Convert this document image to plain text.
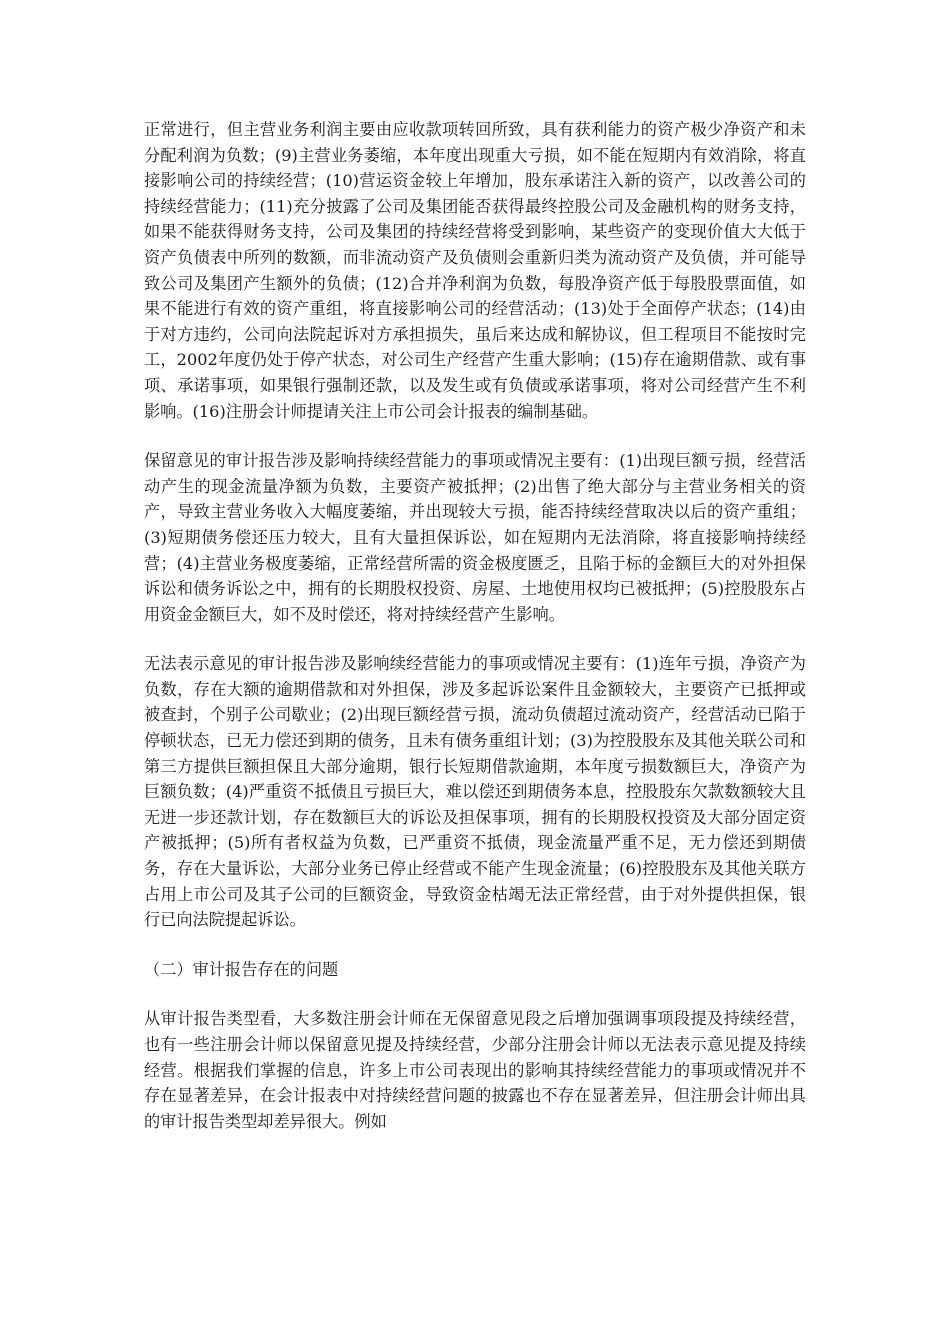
正常进行，但主营业务利润主要由应收款项转回所致，具有获利能力的资产极少净资产和未分配利润为负数；(9)主营业务萎缩，本年度出现重大亏损，如不能在短期内有效消除，将直接影响公司的持续经营；(10)营运资金较上年增加，股东承诺注入新的资产，以改善公司的持续经营能力；(11)充分披露了公司及集团能否获得最终控股公司及金融机构的财务支持，如果不能获得财务支持，公司及集团的持续经营将受到影响，某些资产的变现价值大大低于资产负债表中所列的数额，而非流动资产及负债则会重新归类为流动资产及负债，并可能导致公司及集团产生额外的负债；(12)合并净利润为负数，每股净资产低于每股股票面值，如果不能进行有效的资产重组，将直接影响公司的经营活动；(13)处于全面停产状态；(14)由于对方违约，公司向法院起诉对方承担损失，虽后来达成和解协议，但工程项目不能按时完工，2002年度仍处于停产状态，对公司生产经营产生重大影响；(15)存在逾期借款、或有事项、承诺事项，如果银行强制还款，以及发生或有负债或承诺事项，将对公司经营产生不利影响。(16)注册会计师提请关注上市公司会计报表的编制基础。

保留意见的审计报告涉及影响持续经营能力的事项或情况主要有：(1)出现巨额亏损，经营活动产生的现金流量净额为负数，主要资产被抵押；(2)出售了绝大部分与主营业务相关的资产，导致主营业务收入大幅度萎缩，并出现较大亏损，能否持续经营取决以后的资产重组；(3)短期债务偿还压力较大，且有大量担保诉讼，如在短期内无法消除，将直接影响持续经营；(4)主营业务极度萎缩，正常经营所需的资金极度匮乏，且陷于标的金额巨大的对外担保诉讼和债务诉讼之中，拥有的长期股权投资、房屋、土地使用权均已被抵押；(5)控股股东占用资金金额巨大，如不及时偿还，将对持续经营产生影响。

无法表示意见的审计报告涉及影响续经营能力的事项或情况主要有：(1)连年亏损，净资产为负数，存在大额的逾期借款和对外担保，涉及多起诉讼案件且金额较大，主要资产已抵押或被查封，个别子公司歇业；(2)出现巨额经营亏损，流动负债超过流动资产，经营活动已陷于停顿状态，已无力偿还到期的债务，且未有债务重组计划；(3)为控股股东及其他关联公司和第三方提供巨额担保且大部分逾期，银行长短期借款逾期，本年度亏损数额巨大，净资产为巨额负数；(4)严重资不抵债且亏损巨大，难以偿还到期债务本息，控股股东欠款数额较大且无进一步还款计划，存在数额巨大的诉讼及担保事项，拥有的长期股权投资及大部分固定资产被抵押；(5)所有者权益为负数，已严重资不抵债，现金流量严重不足，无力偿还到期债务，存在大量诉讼，大部分业务已停止经营或不能产生现金流量；(6)控股股东及其他关联方占用上市公司及其子公司的巨额资金，导致资金枯竭无法正常经营，由于对外提供担保，银行已向法院提起诉讼。

（二）审计报告存在的问题

从审计报告类型看，大多数注册会计师在无保留意见段之后增加强调事项段提及持续经营，也有一些注册会计师以保留意见提及持续经营，少部分注册会计师以无法表示意见提及持续经营。根据我们掌握的信息，许多上市公司表现出的影响其持续经营能力的事项或情况并不存在显著差异，在会计报表中对持续经营问题的披露也不存在显著差异，但注册会计师出具的审计报告类型却差异很大。例如
